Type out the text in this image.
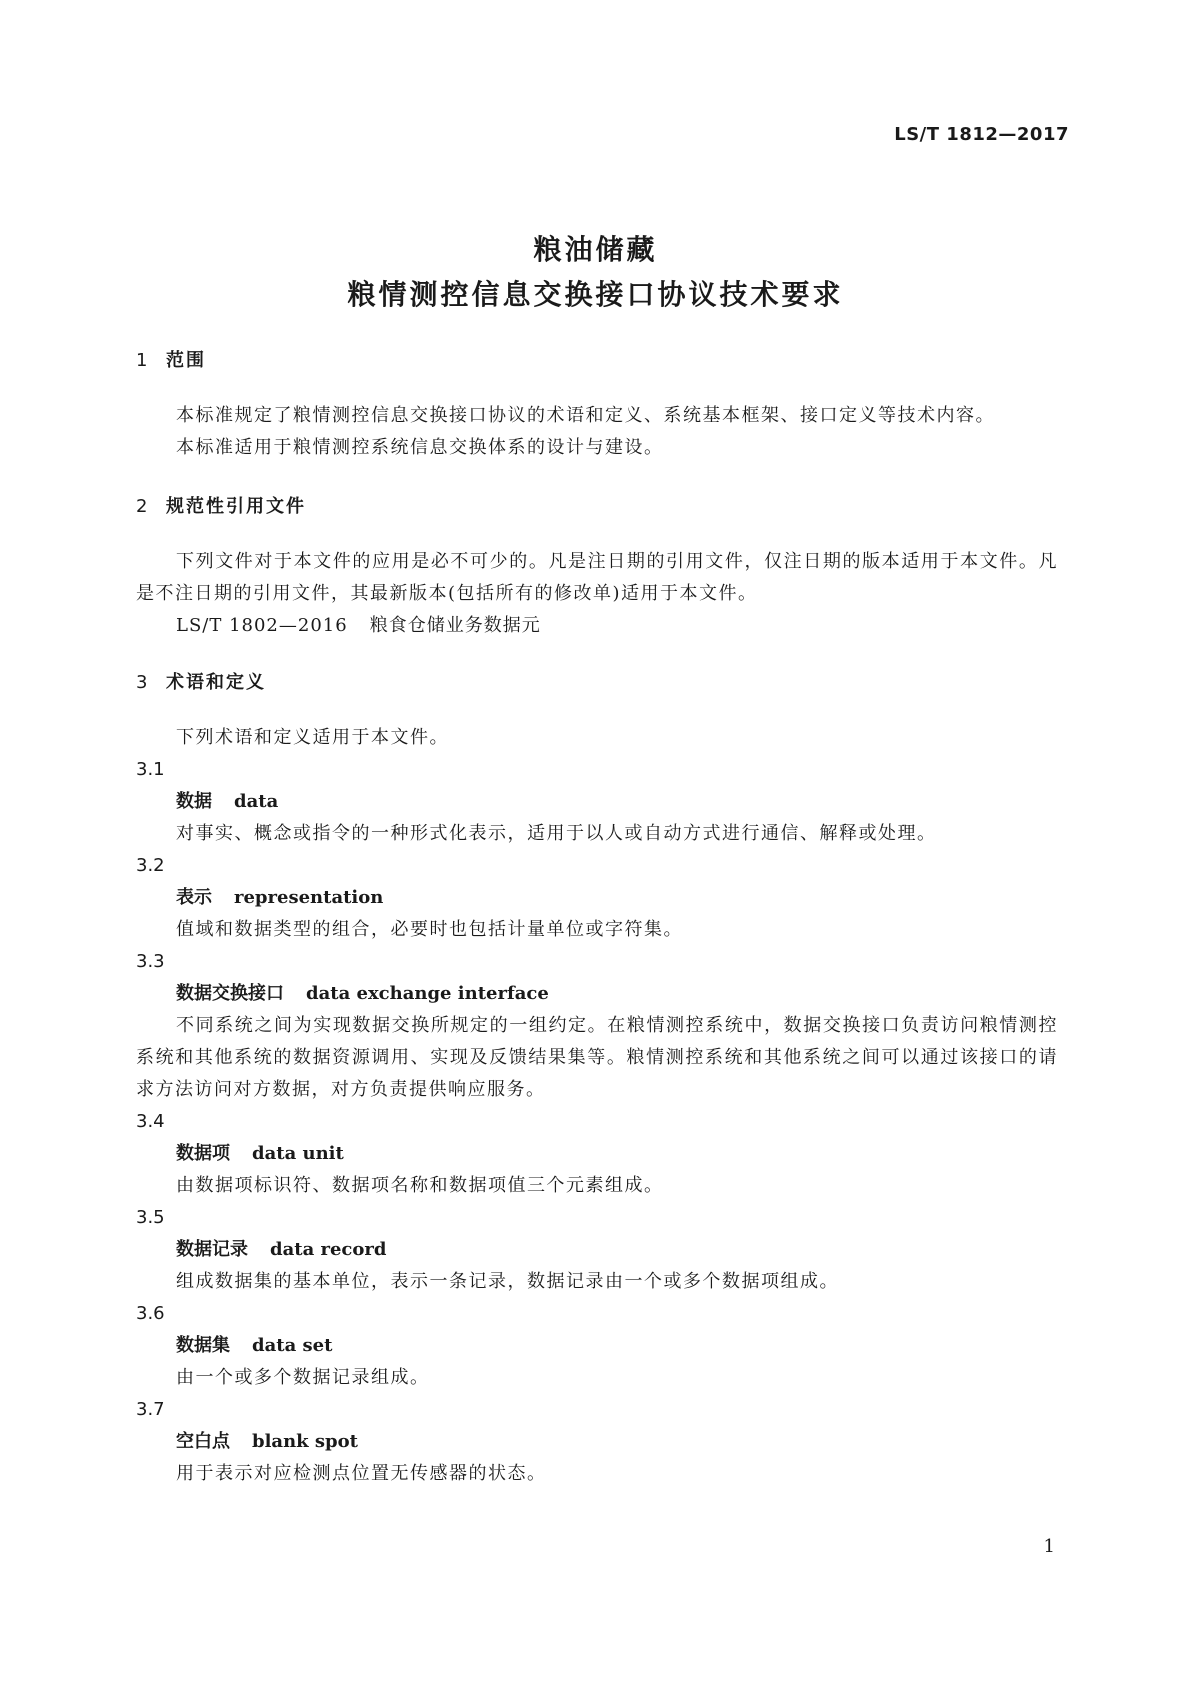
LS/T 1812—2017
粮油储藏
粮情测控信息交换接口协议技术要求
1 范围

本标准规定了粮情测控信息交换接口协议的术语和定义、系统基本框架、接口定义等技术内容。

本标准适用于粮情测控系统信息交换体系的设计与建设。

2 规范性引用文件

下列文件对于本文件的应用是必不可少的。凡是注日期的引用文件，仅注日期的版本适用于本文件。凡是不注日期的引用文件，其最新版本(包括所有的修改单)适用于本文件。

LS/T 1802—2016 粮食仓储业务数据元
3 术语和定义

下列术语和定义适用于本文件。

3.1
数据 data

对事实、概念或指令的一种形式化表示，适用于以人或自动方式进行通信、解释或处理。

3.2
表示 representation

值域和数据类型的组合，必要时也包括计量单位或字符集。

3.3
数据交换接口 data exchange interface

不同系统之间为实现数据交换所规定的一组约定。在粮情测控系统中，数据交换接口负责访问粮情测控系统和其他系统的数据资源调用、实现及反馈结果集等。粮情测控系统和其他系统之间可以通过该接口的请求方法访问对方数据，对方负责提供响应服务。

3.4
数据项 data unit

由数据项标识符、数据项名称和数据项值三个元素组成。

3.5
数据记录 data record

组成数据集的基本单位，表示一条记录，数据记录由一个或多个数据项组成。

3.6
数据集 data set

由一个或多个数据记录组成。

3.7
空白点 blank spot

用于表示对应检测点位置无传感器的状态。

1
